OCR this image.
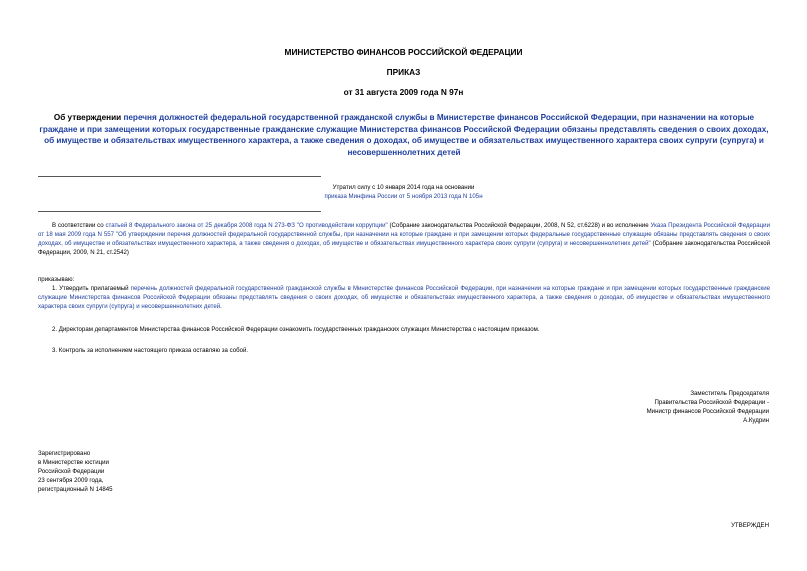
МИНИСТЕРСТВО ФИНАНСОВ РОССИЙСКОЙ ФЕДЕРАЦИИ
ПРИКАЗ
от 31 августа 2009 года N 97н
Об утверждении перечня должностей федеральной государственной гражданской службы в Министерстве финансов Российской Федерации, при назначении на которые граждане и при замещении которых государственные гражданские служащие Министерства финансов Российской Федерации обязаны представлять сведения о своих доходах, об имуществе и обязательствах имущественного характера, а также сведения о доходах, об имуществе и обязательствах имущественного характера своих супруги (супруга) и несовершеннолетних детей
Утратил силу с 10 января 2014 года на основании
приказа Минфина России от 5 ноября 2013 года N 105н
В соответствии со статьей 8 Федерального закона от 25 декабря 2008 года N 273-ФЗ "О противодействии коррупции" (Собрание законодательства Российской Федерации, 2008, N 52, ст.6228) и во исполнение Указа Президента Российской Федерации от 18 мая 2009 года N 557 "Об утверждении перечня должностей федеральной государственной службы, при назначении на которые граждане и при замещении которых федеральные государственные служащие обязаны представлять сведения о своих доходах, об имуществе и обязательствах имущественного характера, а также сведения о доходах, об имуществе и обязательствах имущественного характера своих супруги (супруга) и несовершеннолетних детей" (Собрание законодательства Российской Федерации, 2009, N 21, ст.2542)
приказываю:
1. Утвердить прилагаемый перечень должностей федеральной государственной гражданской службы в Министерстве финансов Российской Федерации, при назначении на которые граждане и при замещении которых государственные гражданские служащие Министерства финансов Российской Федерации обязаны представлять сведения о своих доходах, об имуществе и обязательствах имущественного характера, а также сведения о доходах, об имуществе и обязательствах имущественного характера своих супруги (супруга) и несовершеннолетних детей.
2. Директорам департаментов Министерства финансов Российской Федерации ознакомить государственных гражданских служащих Министерства с настоящим приказом.
3. Контроль за исполнением настоящего приказа оставляю за собой.
Заместитель Председателя
Правительства Российской Федерации -
Министр финансов Российской Федерации
А.Кудрин
Зарегистрировано
в Министерстве юстиции
Российской Федерации
23 сентября 2009 года,
регистрационный N 14845
УТВЕРЖДЕН
